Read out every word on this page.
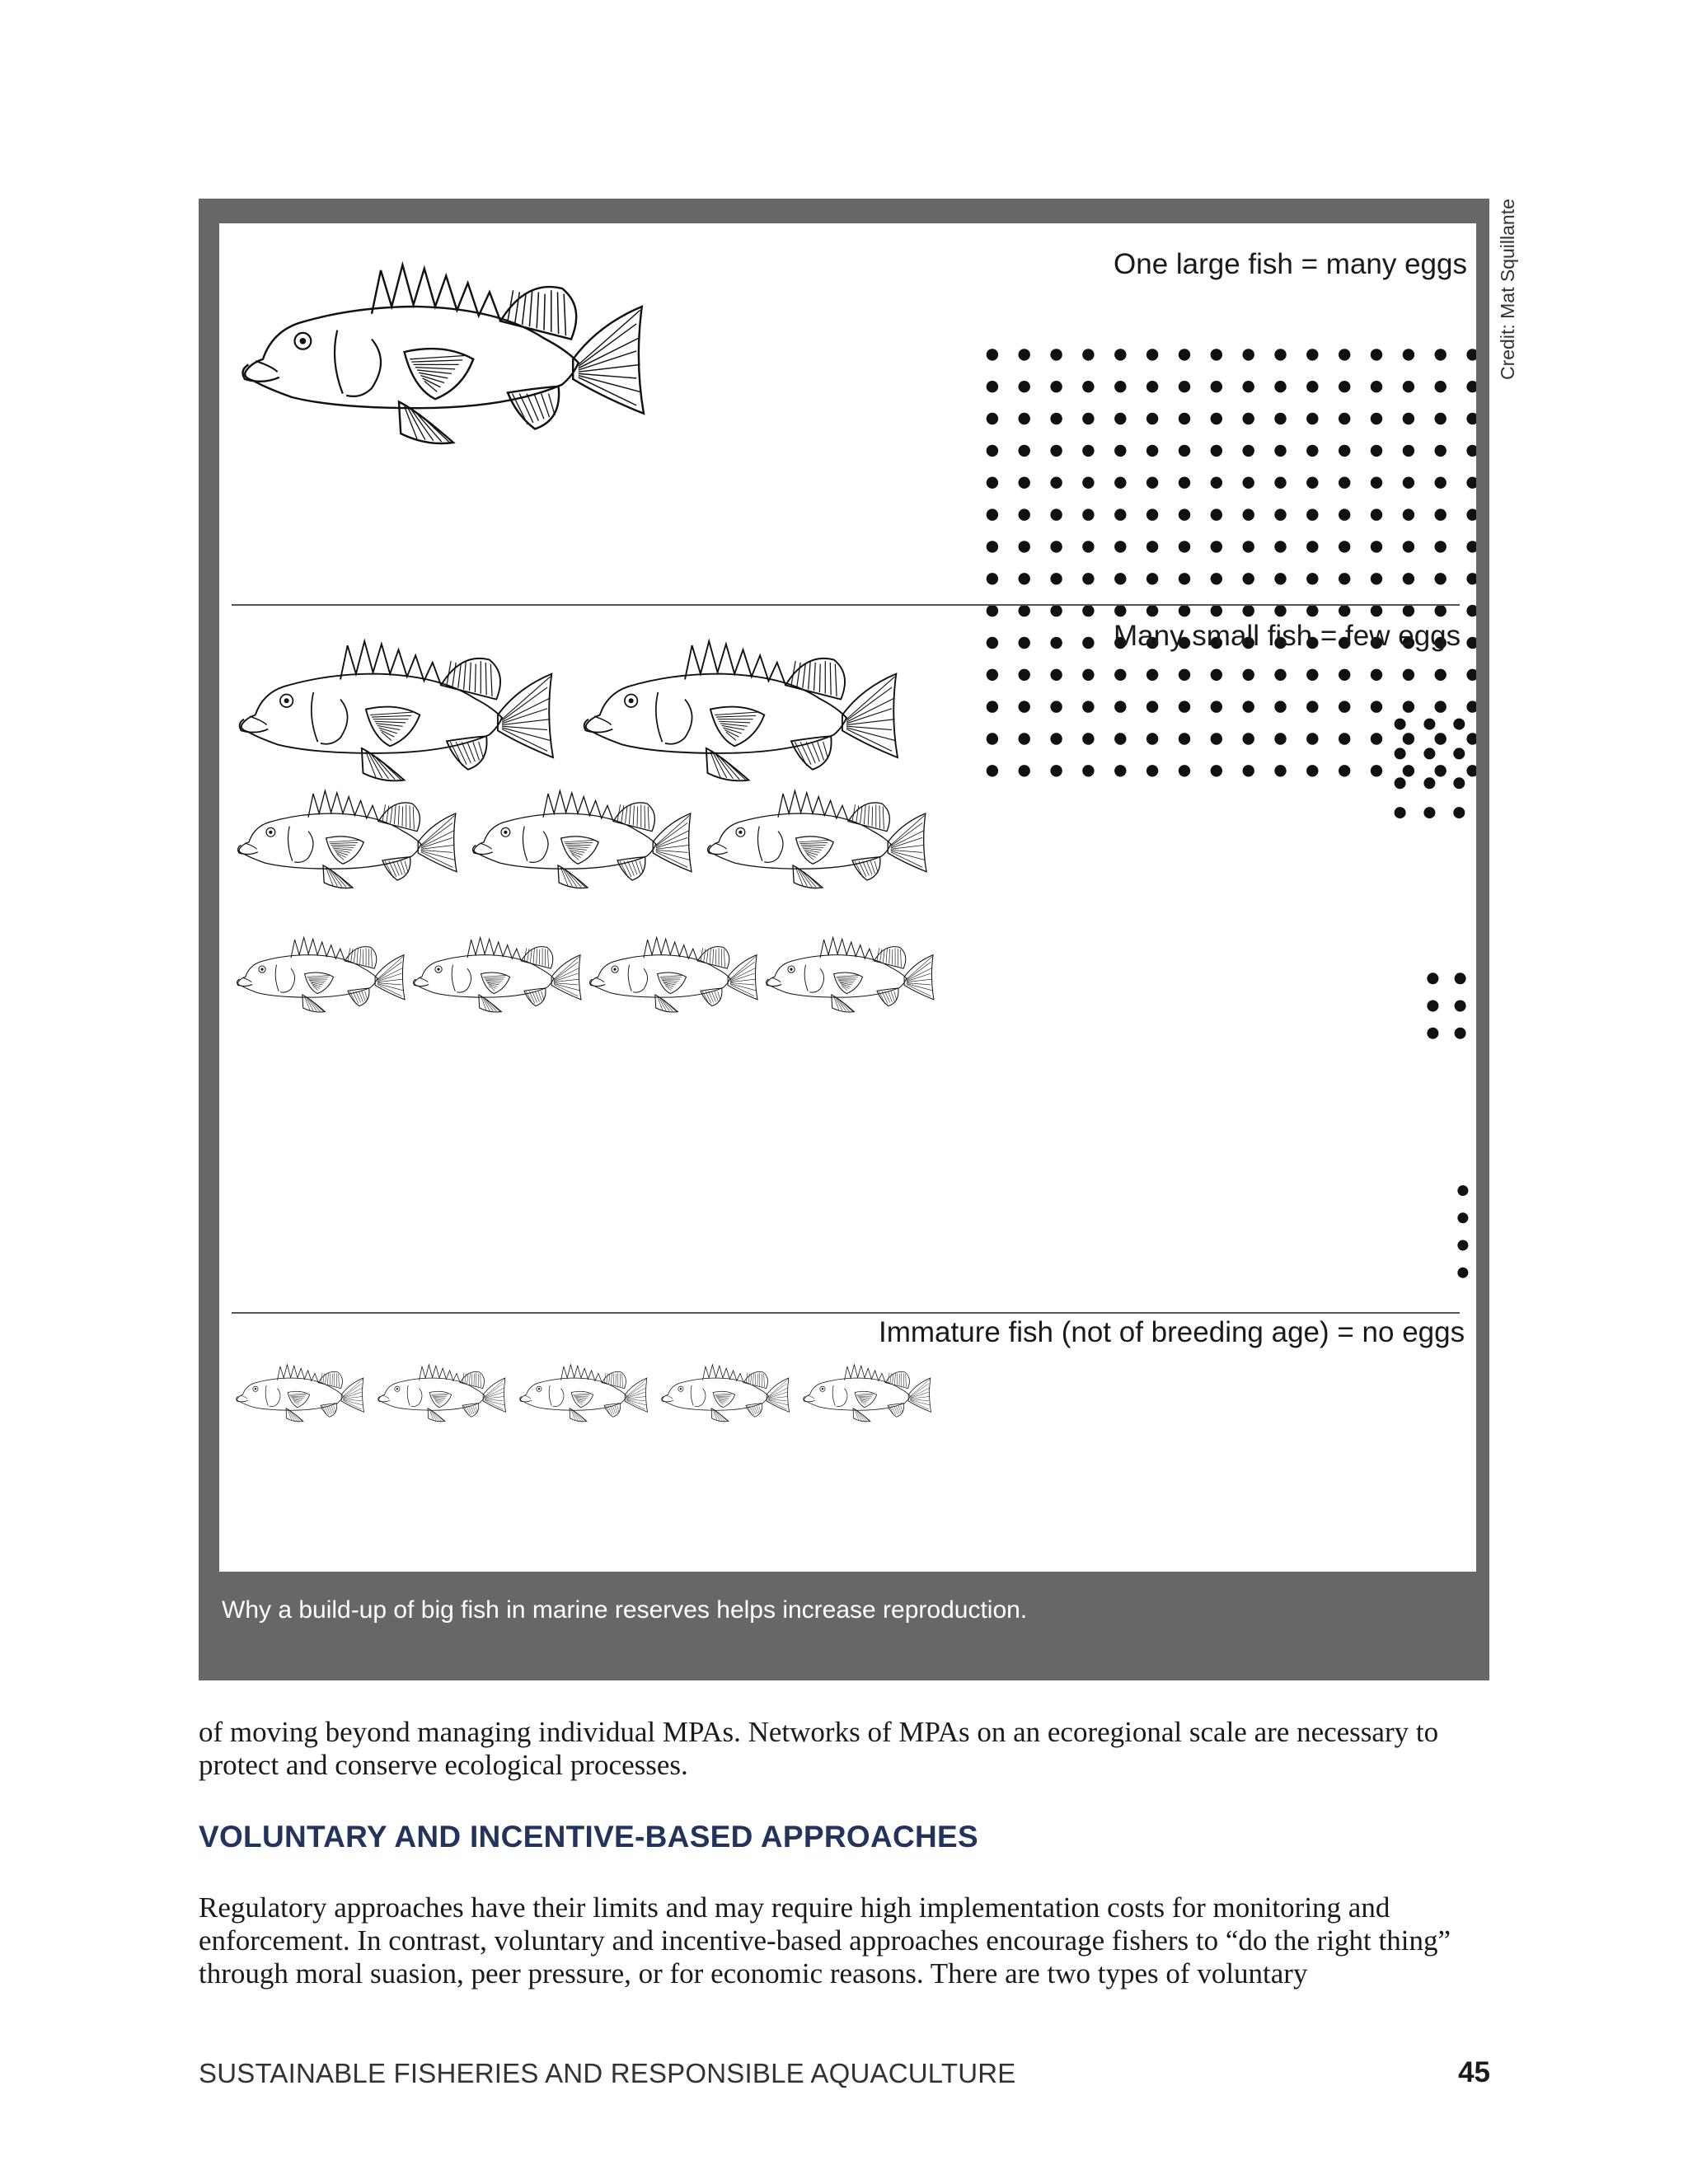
One large fish = many eggs
Many small fish = few eggs
Immature fish (not of breeding age) = no eggs
Why a build-up of big fish in marine reserves helps increase reproduction.
Credit: Mat Squillante
of moving beyond managing individual MPAs. Networks of MPAs on an ecoregional scale are necessary to protect and conserve ecological processes.
VOLUNTARY AND INCENTIVE-BASED APPROACHES
Regulatory approaches have their limits and may require high implementation costs for monitoring and enforcement. In contrast, voluntary and incentive-based approaches encourage fishers to “do the right thing” through moral suasion, peer pressure, or for economic reasons. There are two types of voluntary
SUSTAINABLE FISHERIES AND RESPONSIBLE AQUACULTURE	45
